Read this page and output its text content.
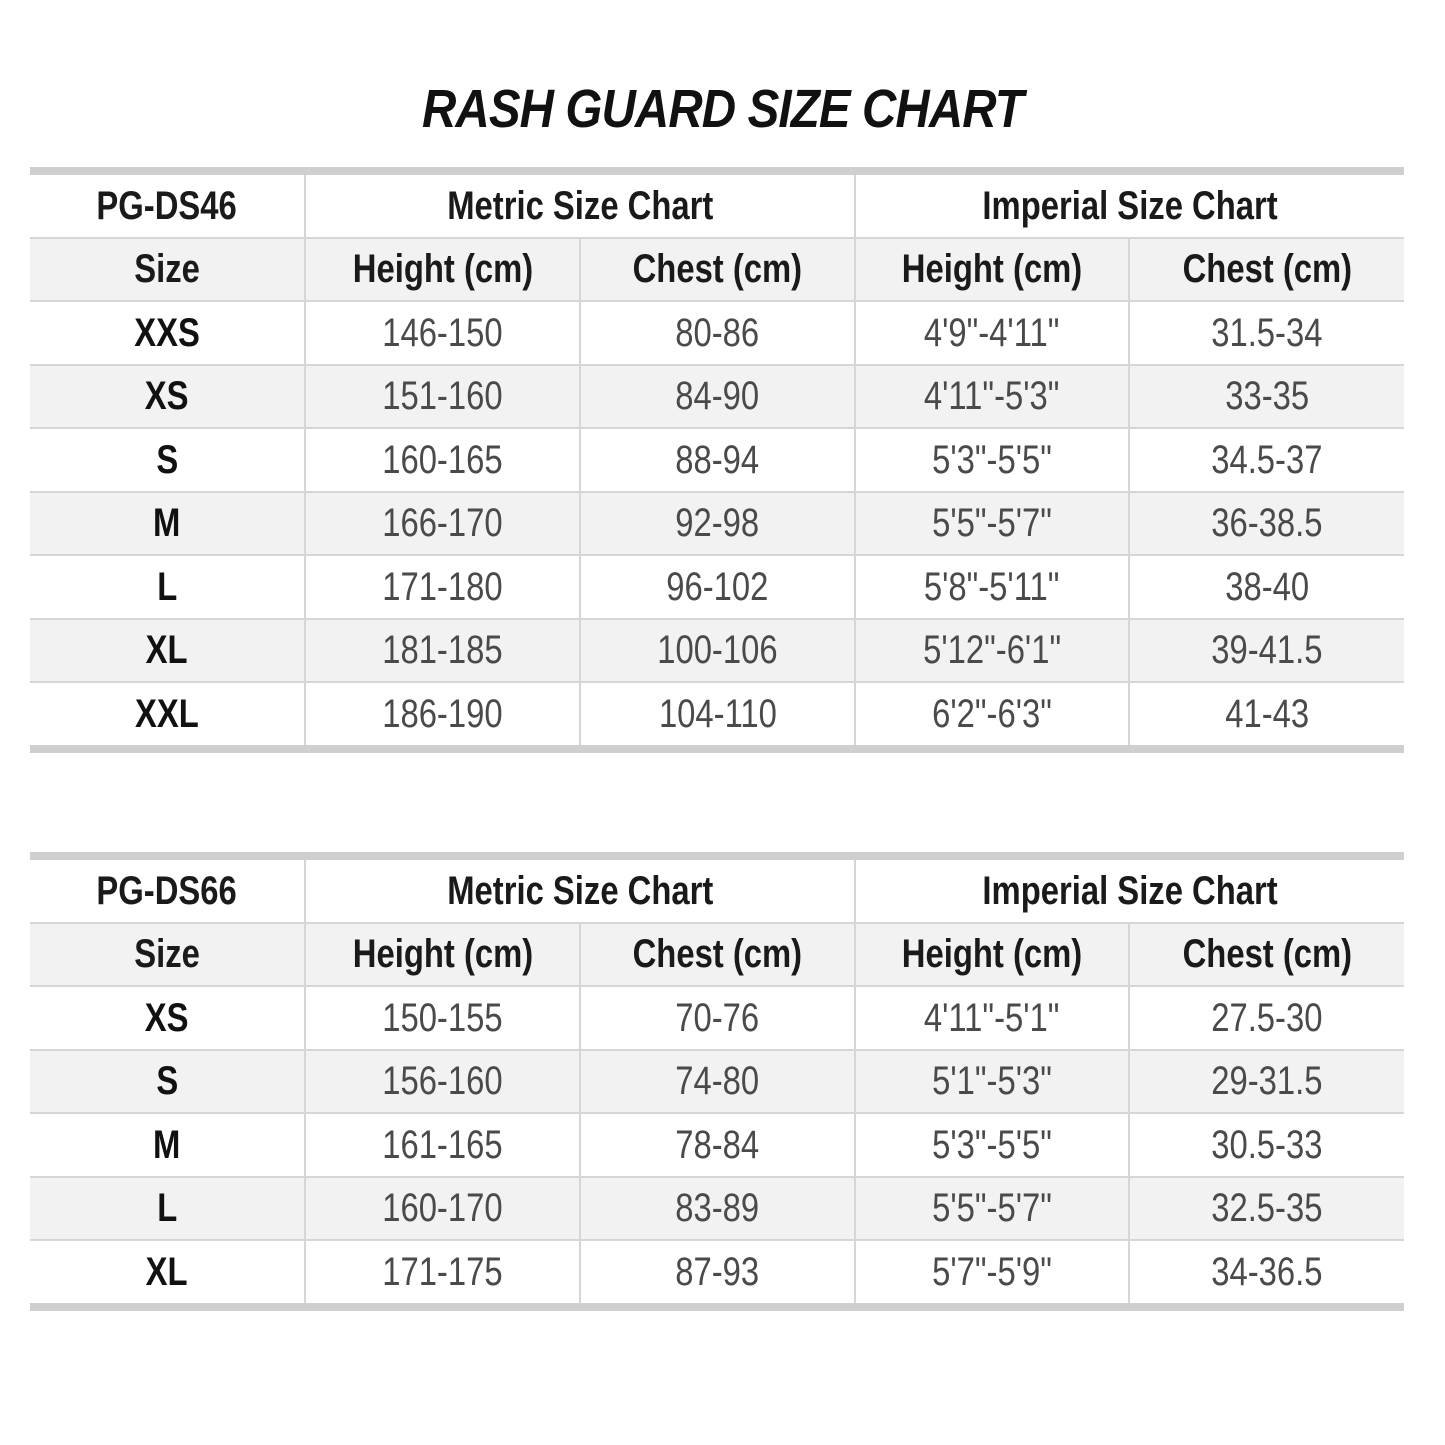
RASH GUARD SIZE CHART
PG-DS46	Metric Size Chart		Imperial Size Chart	
Size	Height (cm)	Chest (cm)	Height (cm)	Chest (cm)
XXS	146-150	80-86	4'9"-4'11"	31.5-34
XS	151-160	84-90	4'11"-5'3"	33-35
S	160-165	88-94	5'3"-5'5"	34.5-37
M	166-170	92-98	5'5"-5'7"	36-38.5
L	171-180	96-102	5'8"-5'11"	38-40
XL	181-185	100-106	5'12"-6'1"	39-41.5
XXL	186-190	104-110	6'2"-6'3"	41-43
PG-DS66	Metric Size Chart		Imperial Size Chart	
Size	Height (cm)	Chest (cm)	Height (cm)	Chest (cm)
XS	150-155	70-76	4'11"-5'1"	27.5-30
S	156-160	74-80	5'1"-5'3"	29-31.5
M	161-165	78-84	5'3"-5'5"	30.5-33
L	160-170	83-89	5'5"-5'7"	32.5-35
XL	171-175	87-93	5'7"-5'9"	34-36.5
